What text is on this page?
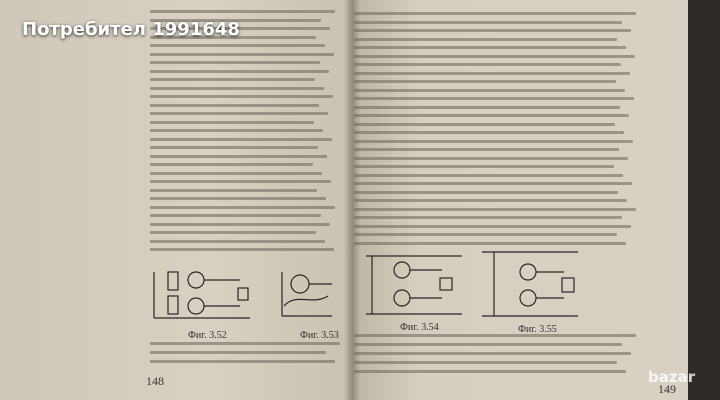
Фиг. 3.52	Фиг. 3.53
Фиг. 3.54	Фиг. 3.55
148
149
Потребител 1991648
bazar
